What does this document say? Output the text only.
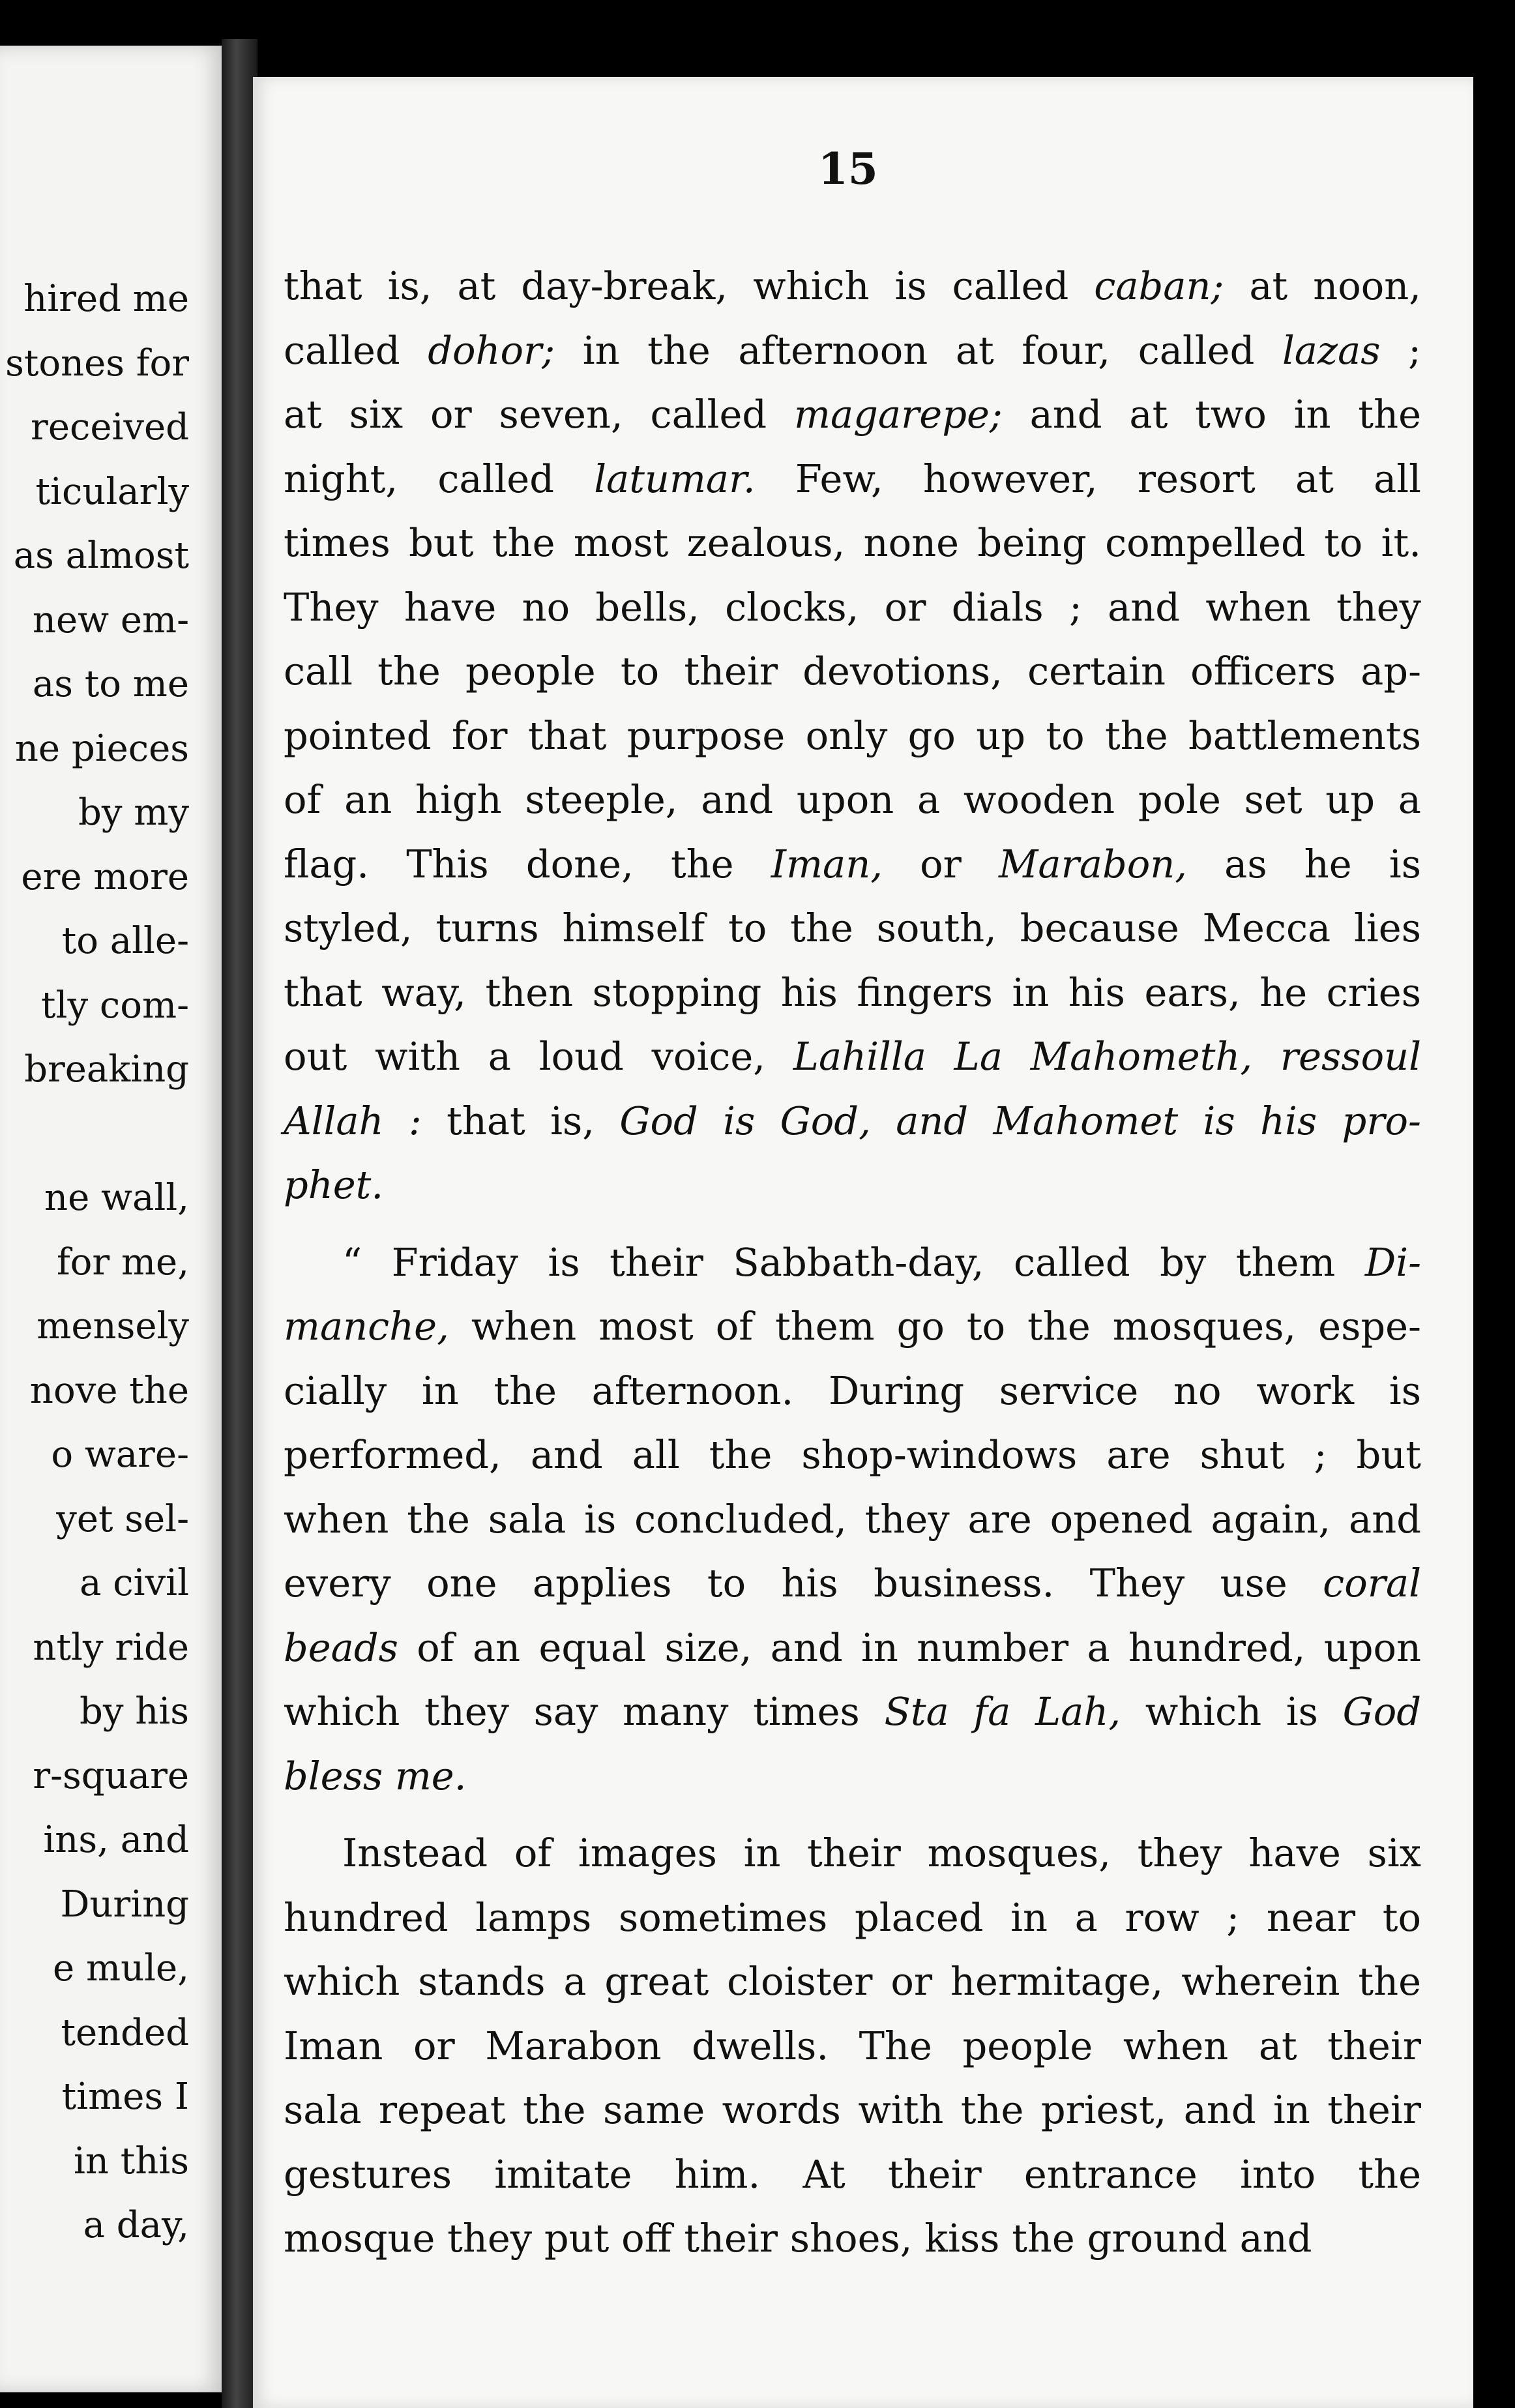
hired me
stones for
received
ticularly
as almost
new em-
as to me
ne pieces
by my
ere more
to alle-
tly com-
breaking

ne wall,
for me,
mensely
nove the
o ware-
yet sel-
a civil
ntly ride
by his
r-square
ins, and
During
e mule,
tended
times I
in this
a day,
15
that is, at day-break, which is called caban; at noon,
called dohor; in the afternoon at four, called lazas ;
at six or seven, called magarepe; and at two in the
night, called latumar. Few, however, resort at all
times but the most zealous, none being compelled to it.
They have no bells, clocks, or dials ; and when they
call the people to their devotions, certain officers ap-
pointed for that purpose only go up to the battlements
of an high steeple, and upon a wooden pole set up a
flag. This done, the Iman, or Marabon, as he is
styled, turns himself to the south, because Mecca lies
that way, then stopping his fingers in his ears, he cries
out with a loud voice, Lahilla La Mahometh, ressoul
Allah : that is, God is God, and Mahomet is his pro-
phet.
“ Friday is their Sabbath-day, called by them Di-
manche, when most of them go to the mosques, espe-
cially in the afternoon. During service no work is
performed, and all the shop-windows are shut ; but
when the sala is concluded, they are opened again, and
every one applies to his business. They use coral
beads of an equal size, and in number a hundred, upon
which they say many times Sta fa Lah, which is God
bless me.
Instead of images in their mosques, they have six
hundred lamps sometimes placed in a row ; near to
which stands a great cloister or hermitage, wherein the
Iman or Marabon dwells. The people when at their
sala repeat the same words with the priest, and in their
gestures imitate him. At their entrance into the
mosque they put off their shoes, kiss the ground and
